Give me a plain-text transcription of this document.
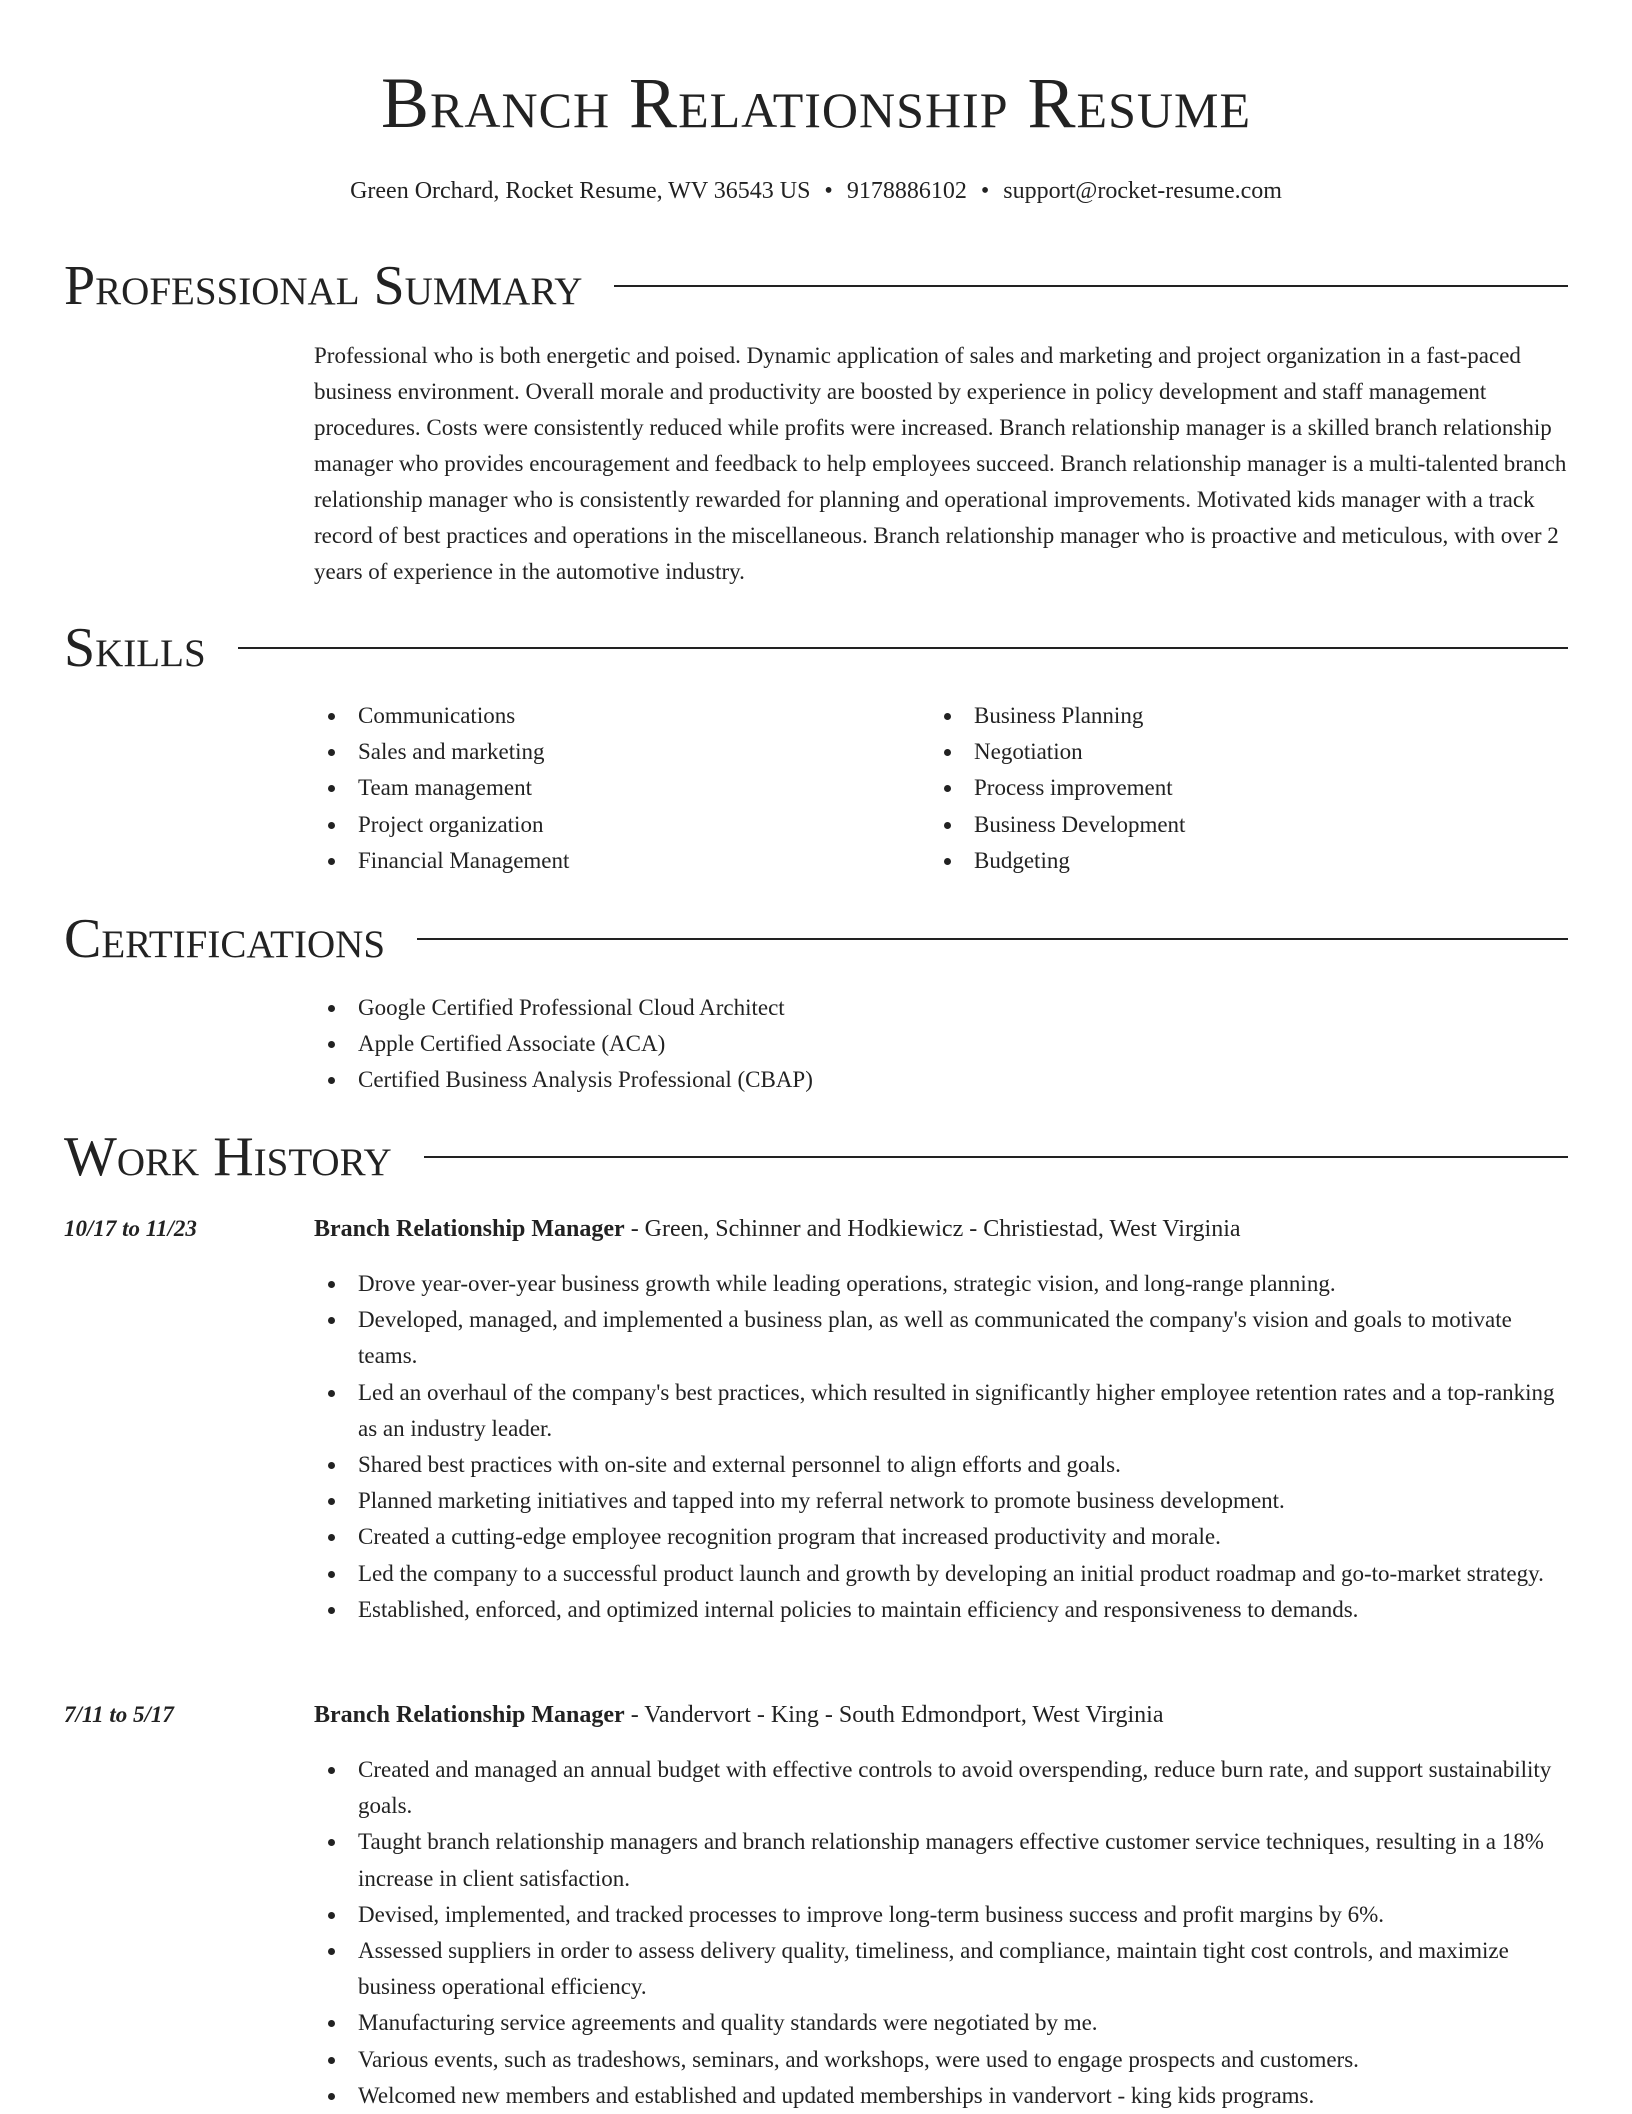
Branch Relationship Resume
Green Orchard, Rocket Resume, WV 36543 US • 9178886102 • support@rocket-resume.com
Professional Summary

Professional who is both energetic and poised. Dynamic application of sales and marketing and project organization in a fast-paced business environment. Overall morale and productivity are boosted by experience in policy development and staff management procedures. Costs were consistently reduced while profits were increased. Branch relationship manager is a skilled branch relationship manager who provides encouragement and feedback to help employees succeed. Branch relationship manager is a multi-talented branch relationship manager who is consistently rewarded for planning and operational improvements. Motivated kids manager with a track record of best practices and operations in the miscellaneous. Branch relationship manager who is proactive and meticulous, with over 2 years of experience in the automotive industry.

Skills
Communications
Sales and marketing
Team management
Project organization
Financial Management
Business Planning
Negotiation
Process improvement
Business Development
Budgeting
Certifications
Google Certified Professional Cloud Architect
Apple Certified Associate (ACA)
Certified Business Analysis Professional (CBAP)
Work History
10/17 to 11/23	Branch Relationship Manager - Green, Schinner and Hodkiewicz - Christiestad, West Virginia
Drove year-over-year business growth while leading operations, strategic vision, and long-range planning.
Developed, managed, and implemented a business plan, as well as communicated the company's vision and goals to motivate teams.
Led an overhaul of the company's best practices, which resulted in significantly higher employee retention rates and a top-ranking as an industry leader.
Shared best practices with on-site and external personnel to align efforts and goals.
Planned marketing initiatives and tapped into my referral network to promote business development.
Created a cutting-edge employee recognition program that increased productivity and morale.
Led the company to a successful product launch and growth by developing an initial product roadmap and go-to-market strategy.
Established, enforced, and optimized internal policies to maintain efficiency and responsiveness to demands.
7/11 to 5/17	Branch Relationship Manager - Vandervort - King - South Edmondport, West Virginia
Created and managed an annual budget with effective controls to avoid overspending, reduce burn rate, and support sustainability goals.
Taught branch relationship managers and branch relationship managers effective customer service techniques, resulting in a 18% increase in client satisfaction.
Devised, implemented, and tracked processes to improve long-term business success and profit margins by 6%.
Assessed suppliers in order to assess delivery quality, timeliness, and compliance, maintain tight cost controls, and maximize business operational efficiency.
Manufacturing service agreements and quality standards were negotiated by me.
Various events, such as tradeshows, seminars, and workshops, were used to engage prospects and customers.
Welcomed new members and established and updated memberships in vandervort - king kids programs.
